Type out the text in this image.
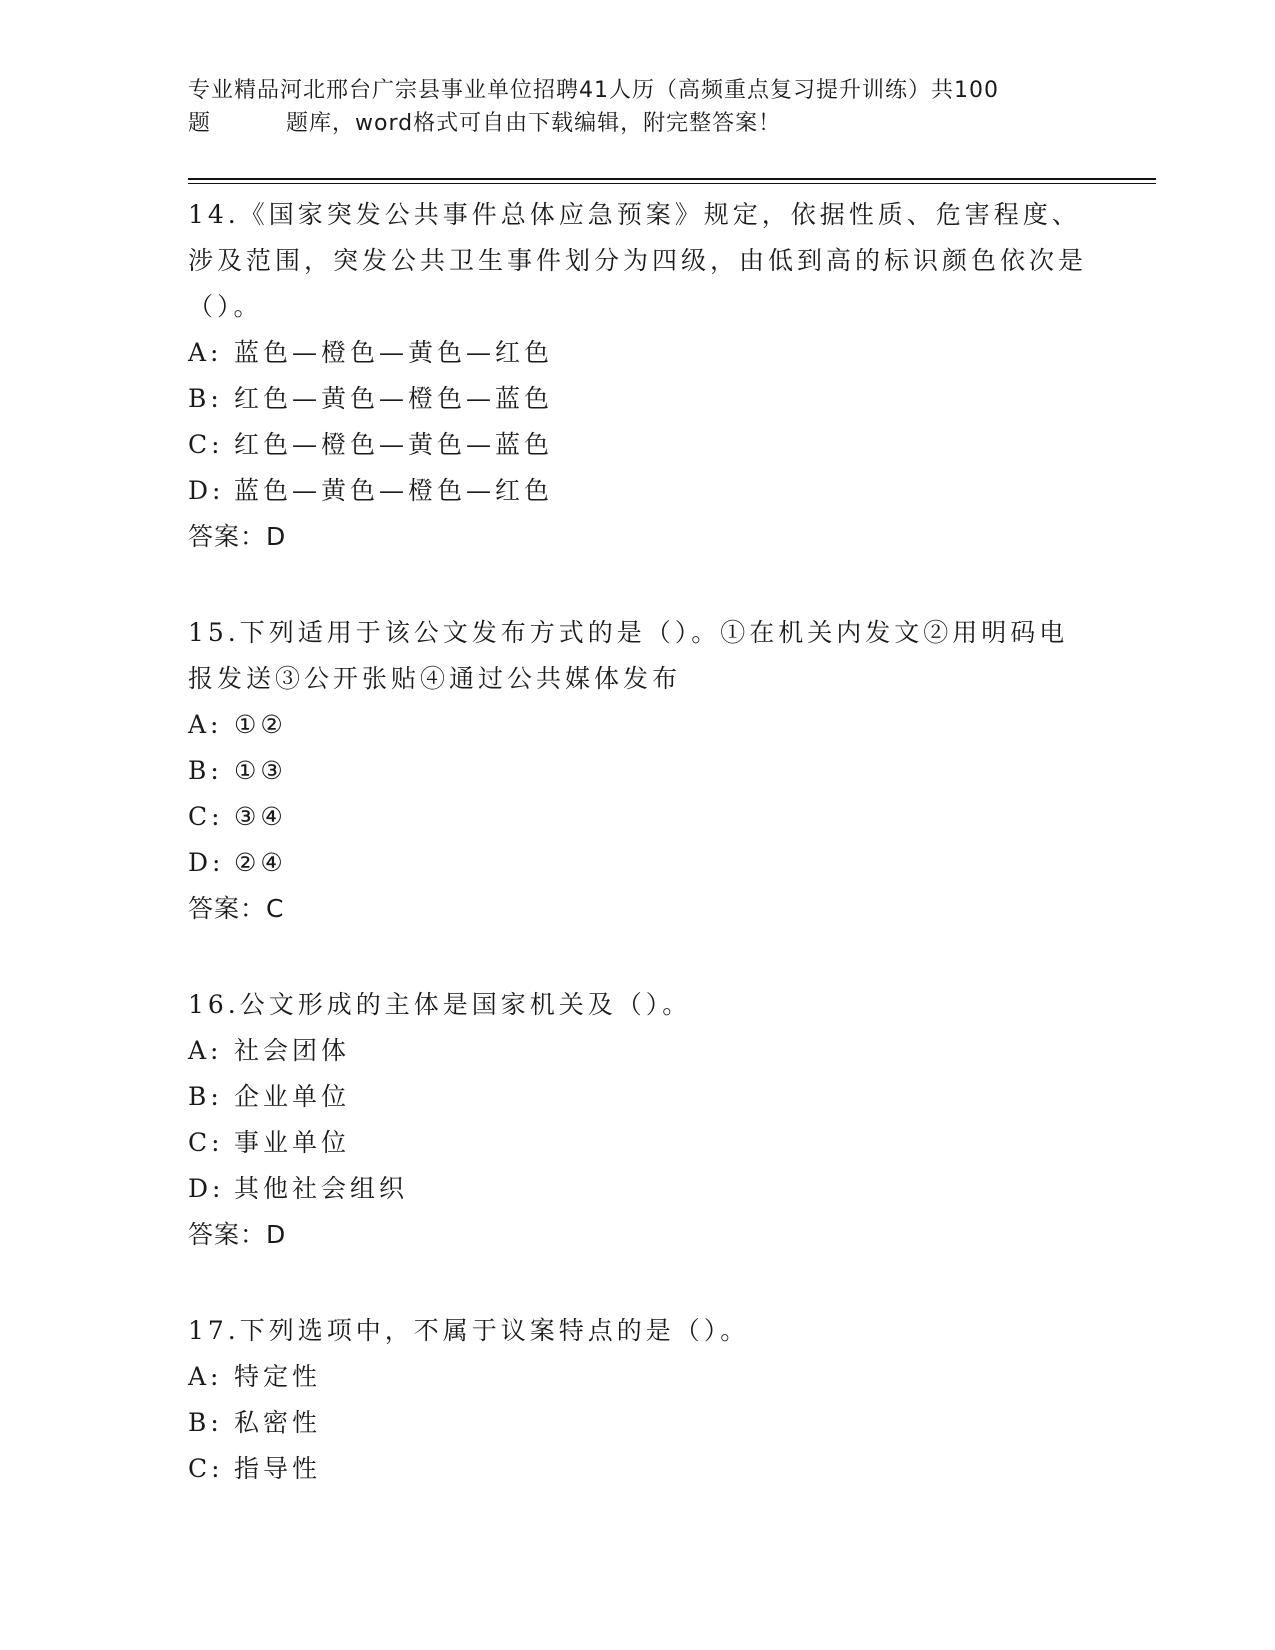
专业精品河北邢台广宗县事业单位招聘41人历（高频重点复习提升训练）共100
题	题库，word格式可自由下载编辑，附完整答案！

14.《国家突发公共事件总体应急预案》规定，依据性质、危害程度、涉及范围，突发公共卫生事件划分为四级，由低到高的标识颜色依次是（）。

A: 蓝色—橙色—黄色—红色
B: 红色—黄色—橙色—蓝色
C: 红色—橙色—黄色—蓝色
D: 蓝色—黄色—橙色—红色
答案：D

15.下列适用于该公文发布方式的是（）。①在机关内发文②用明码电报发送③公开张贴④通过公共媒体发布

A: ①②
B: ①③
C: ③④
D: ②④
答案：C

16.公文形成的主体是国家机关及（）。

A: 社会团体
B: 企业单位
C: 事业单位
D: 其他社会组织
答案：D

17.下列选项中，不属于议案特点的是（）。

A: 特定性
B: 私密性
C: 指导性
